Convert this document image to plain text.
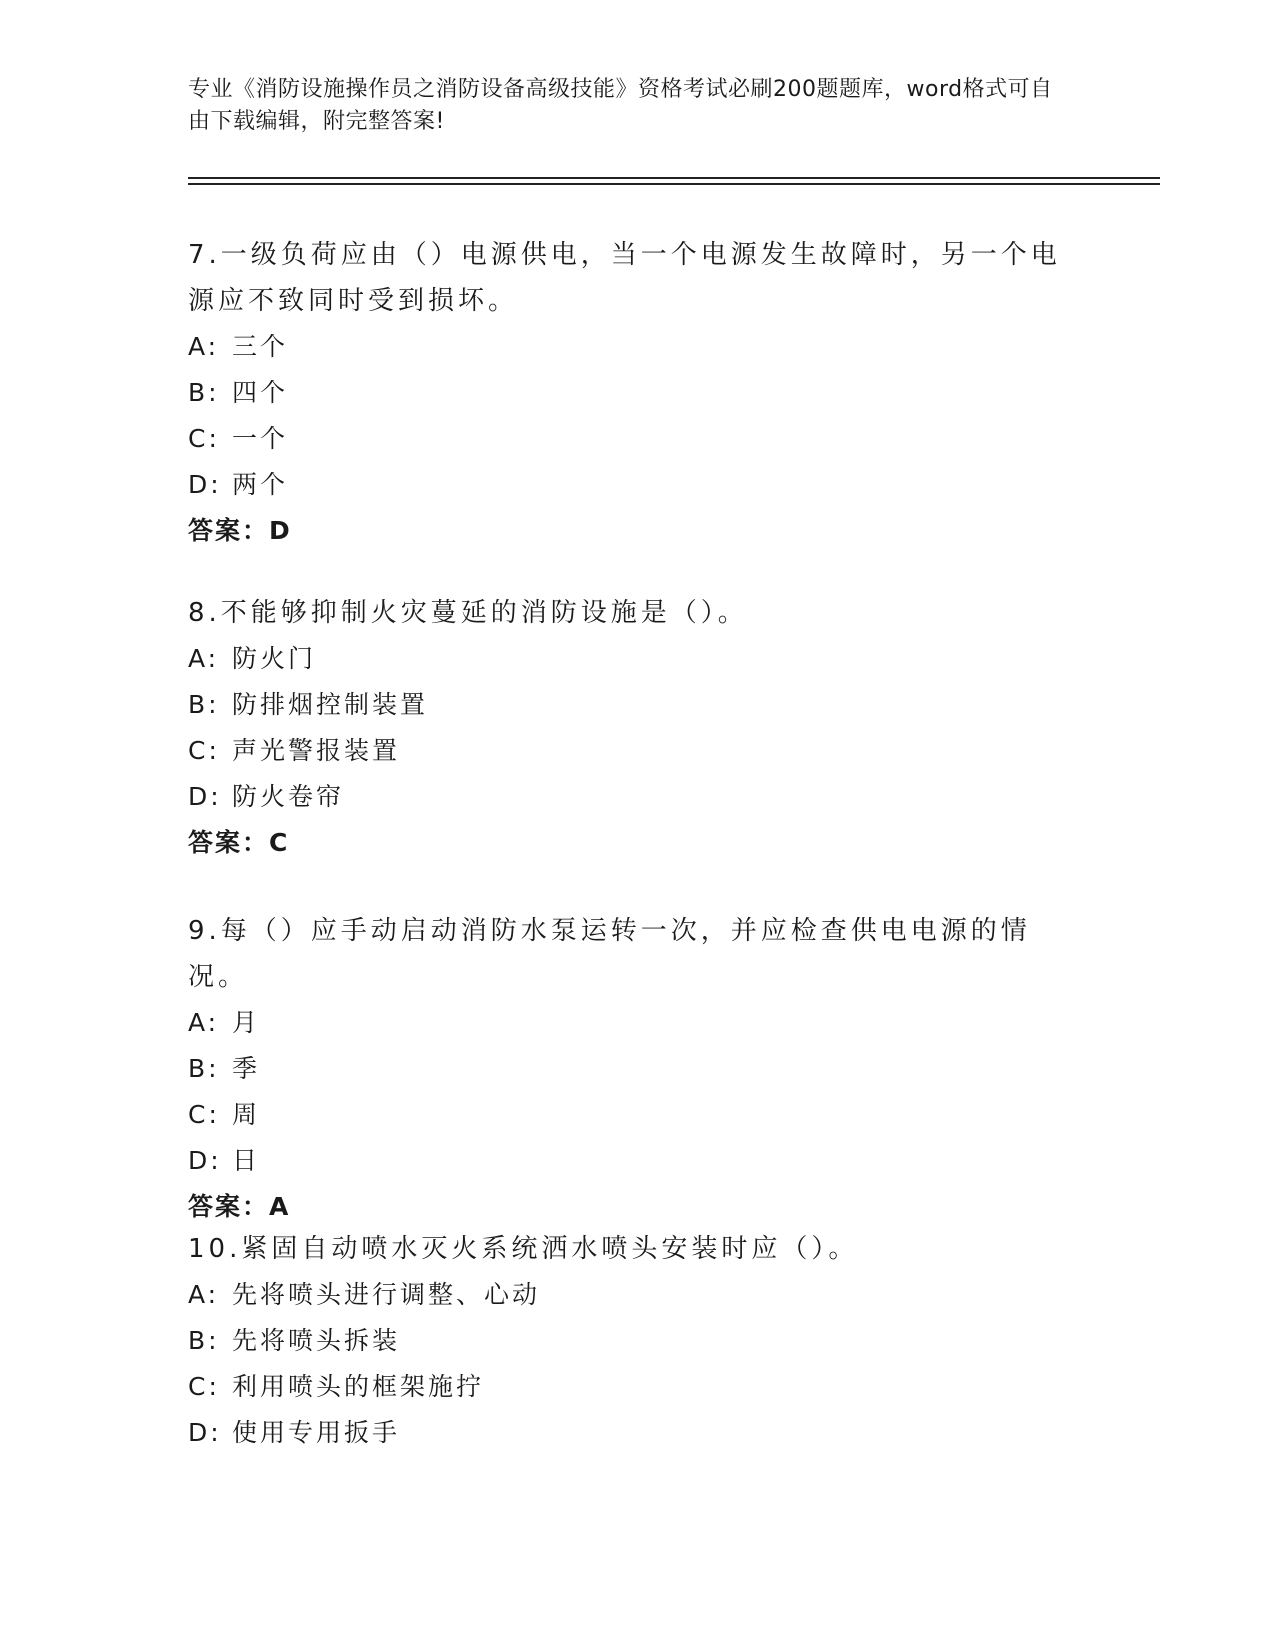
专业《消防设施操作员之消防设备高级技能》资格考试必刷200题题库，word格式可自由下载编辑，附完整答案!
7.一级负荷应由（）电源供电，当一个电源发生故障时，另一个电源应不致同时受到损坏。
A: 三个
B: 四个
C: 一个
D: 两个
答案：D
8.不能够抑制火灾蔓延的消防设施是（）。
A: 防火门
B: 防排烟控制装置
C: 声光警报装置
D: 防火卷帘
答案：C
9.每（）应手动启动消防水泵运转一次，并应检查供电电源的情况。
A: 月
B: 季
C: 周
D: 日
答案：A
10.紧固自动喷水灭火系统洒水喷头安装时应（）。
A: 先将喷头进行调整、心动
B: 先将喷头拆装
C: 利用喷头的框架施拧
D: 使用专用扳手
